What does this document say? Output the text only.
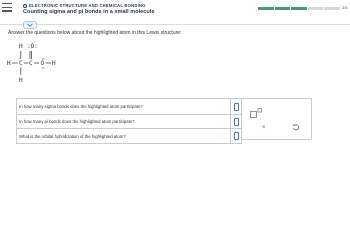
ELECTRONIC STRUCTURE AND CHEMICAL BONDING
Counting sigma and pi bonds in a small molecule
3/5
Answer the questions below about the highlighted atom in this Lewis structure:
H :O:
H C C O H
H
In how many sigma bonds does the highlighted atom participate?
In how many pi bonds does the highlighted atom participate?
What is the orbital hybridization of the highlighted atom?
×
